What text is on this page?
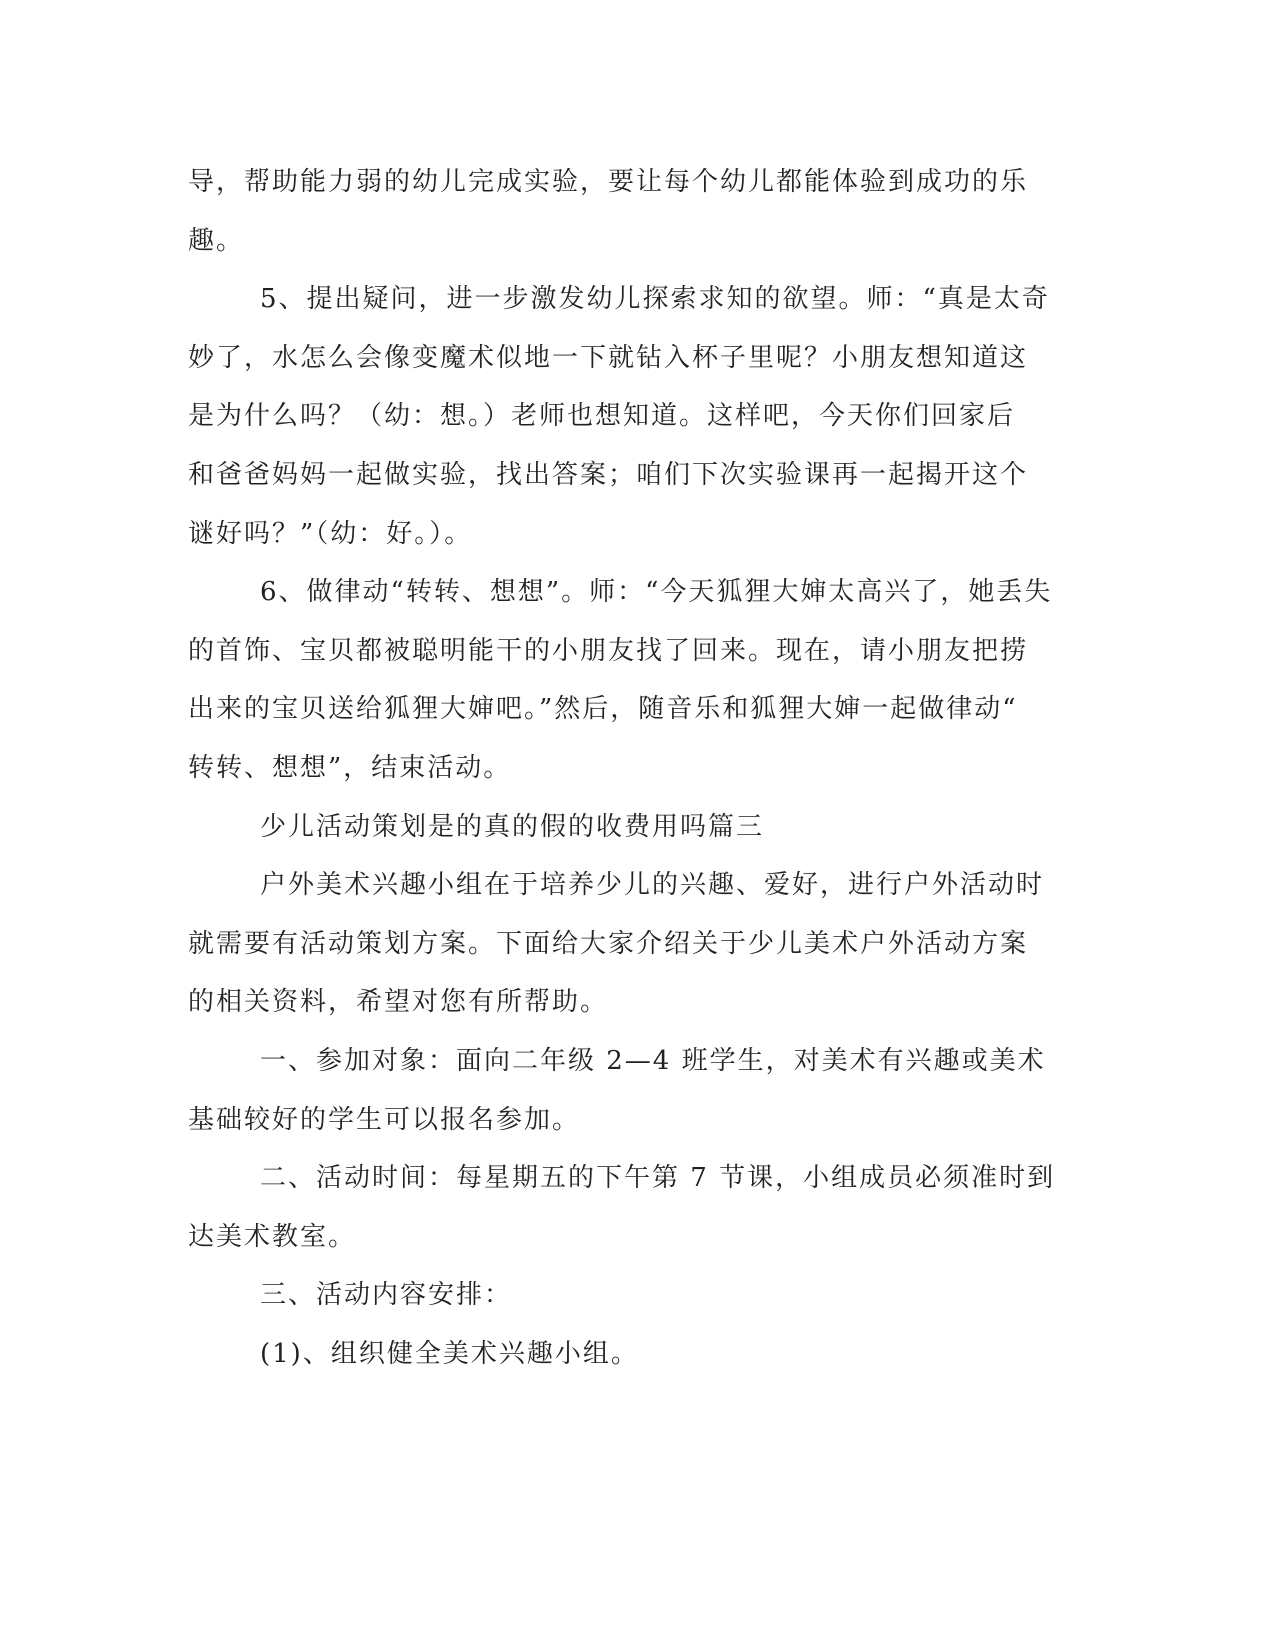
导，帮助能力弱的幼儿完成实验，要让每个幼儿都能体验到成功的乐
趣。
5、提出疑问，进一步激发幼儿探索求知的欲望。师：“真是太奇
妙了，水怎么会像变魔术似地一下就钻入杯子里呢？小朋友想知道这
是为什么吗？（幼：想。）老师也想知道。这样吧，今天你们回家后
和爸爸妈妈一起做实验，找出答案；咱们下次实验课再一起揭开这个
谜好吗？”（幼：好。）。
6、做律动“转转、想想”。师：“今天狐狸大婶太高兴了，她丢失
的首饰、宝贝都被聪明能干的小朋友找了回来。现在，请小朋友把捞
出来的宝贝送给狐狸大婶吧。”然后，随音乐和狐狸大婶一起做律动“
转转、想想”，结束活动。
少儿活动策划是的真的假的收费用吗篇三
户外美术兴趣小组在于培养少儿的兴趣、爱好，进行户外活动时
就需要有活动策划方案。下面给大家介绍关于少儿美术户外活动方案
的相关资料，希望对您有所帮助。
一、参加对象：面向二年级 2—4 班学生，对美术有兴趣或美术
基础较好的学生可以报名参加。
二、活动时间：每星期五的下午第 7 节课，小组成员必须准时到
达美术教室。
三、活动内容安排：
(1)、组织健全美术兴趣小组。
